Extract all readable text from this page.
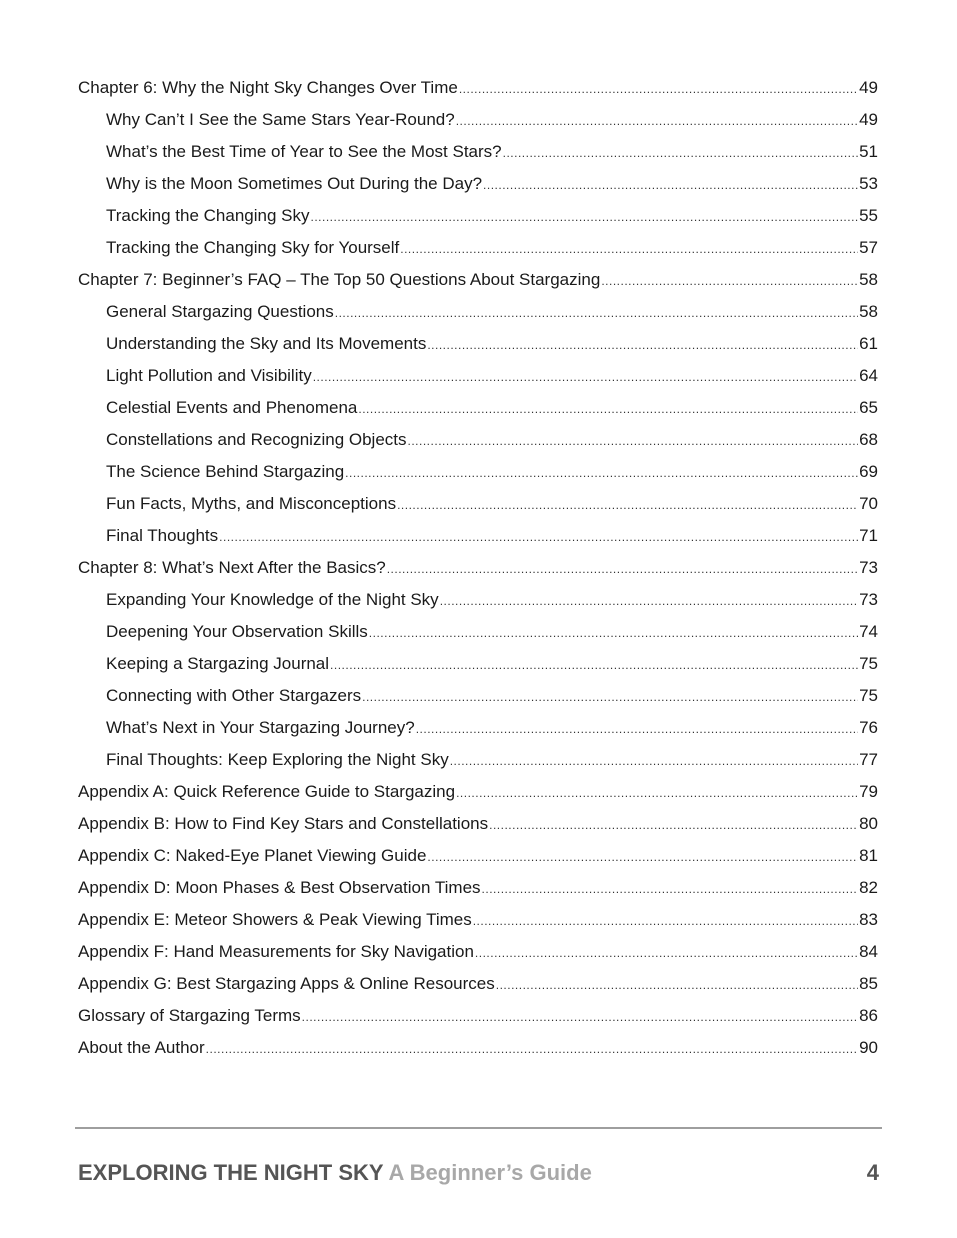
Chapter 6: Why the Night Sky Changes Over Time .....	49
Why Can’t I See the Same Stars Year-Round? .....	49
What’s the Best Time of Year to See the Most Stars? .....	51
Why is the Moon Sometimes Out During the Day? .....	53
Tracking the Changing Sky .....	55
Tracking the Changing Sky for Yourself .....	57
Chapter 7: Beginner’s FAQ – The Top 50 Questions About Stargazing .....	58
General Stargazing Questions .....	58
Understanding the Sky and Its Movements .....	61
Light Pollution and Visibility .....	64
Celestial Events and Phenomena .....	65
Constellations and Recognizing Objects .....	68
The Science Behind Stargazing .....	69
Fun Facts, Myths, and Misconceptions .....	70
Final Thoughts .....	71
Chapter 8: What’s Next After the Basics? .....	73
Expanding Your Knowledge of the Night Sky .....	73
Deepening Your Observation Skills .....	74
Keeping a Stargazing Journal .....	75
Connecting with Other Stargazers .....	75
What’s Next in Your Stargazing Journey? .....	76
Final Thoughts: Keep Exploring the Night Sky .....	77
Appendix A: Quick Reference Guide to Stargazing .....	79
Appendix B: How to Find Key Stars and Constellations .....	80
Appendix C: Naked-Eye Planet Viewing Guide .....	81
Appendix D: Moon Phases & Best Observation Times .....	82
Appendix E: Meteor Showers & Peak Viewing Times .....	83
Appendix F: Hand Measurements for Sky Navigation .....	84
Appendix G: Best Stargazing Apps & Online Resources .....	85
Glossary of Stargazing Terms .....	86
About the Author .....	90
EXPLORING THE NIGHT SKY A Beginner’s Guide	4
